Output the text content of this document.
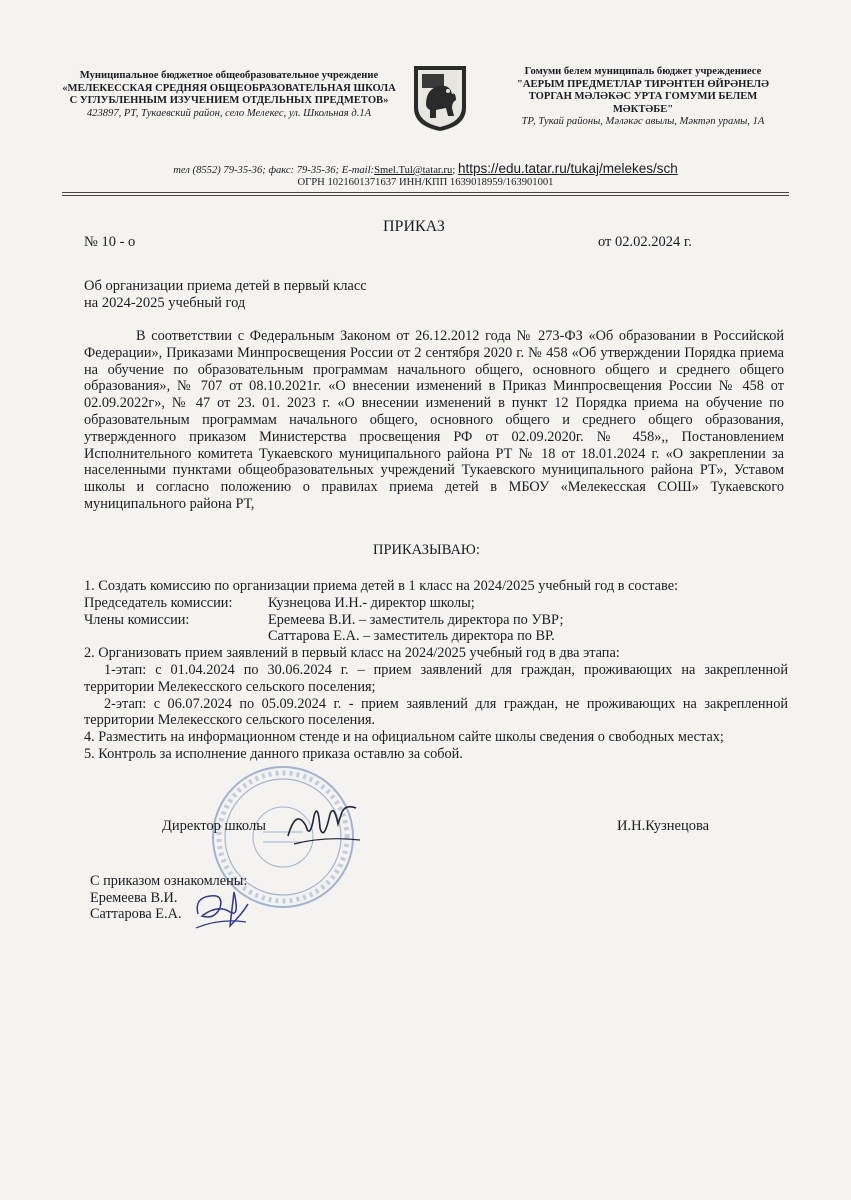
Муниципальное бюджетное общеобразовательное учреждение
«МЕЛЕКЕССКАЯ СРЕДНЯЯ ОБЩЕОБРАЗОВАТЕЛЬНАЯ ШКОЛА С УГЛУБЛЕННЫМ ИЗУЧЕНИЕМ ОТДЕЛЬНЫХ ПРЕДМЕТОВ»
423897, РТ, Тукаевский район, село Мелекес, ул. Школьная д.1А
Гомуми белем муниципаль бюджет учреждениесе
"АЕРЫМ ПРЕДМЕТЛАР ТИРӘНТЕН ӨЙРӘНЕЛӘ ТОРГАН МӘЛӘКӘС УРТА ГОМУМИ БЕЛЕМ МӘКТӘБЕ"
ТР, Тукай районы, Мәләкәс авылы, Мәктәп урамы, 1А
тел (8552) 79-35-36; факс: 79-35-36; E-mail:Smel.Tul@tatar.ru; https://edu.tatar.ru/tukaj/melekes/sch
ОГРН 1021601371637 ИНН/КПП 1639018959/163901001
ПРИКАЗ
№ 10 - о	от 02.02.2024 г.
Об организации приема детей в первый класс
на 2024-2025 учебный год
В соответствии с Федеральным Законом от 26.12.2012 года № 273-ФЗ «Об образовании в Российской Федерации», Приказами Минпросвещения России от 2 сентября 2020 г. № 458 «Об утверждении Порядка приема на обучение по образовательным программам начального общего, основного общего и среднего общего образования», № 707 от 08.10.2021г. «О внесении изменений в Приказ Минпросвещения России № 458 от 02.09.2022г», № 47 от 23. 01. 2023 г. «О внесении изменений в пункт 12 Порядка приема на обучение по образовательным программам начального общего, основного общего и среднего общего образования, утвержденного приказом Министерства просвещения РФ от 02.09.2020г. № 458»,, Постановлением Исполнительного комитета Тукаевского муниципального района РТ № 18 от 18.01.2024 г. «О закреплении за населенными пунктами общеобразовательных учреждений Тукаевского муниципального района РТ», Уставом школы и согласно положению о правилах приема детей в МБОУ «Мелекесская СОШ» Тукаевского муниципального района РТ,
ПРИКАЗЫВАЮ:
1. Создать комиссию по организации приема детей в 1 класс на 2024/2025 учебный год в составе:
Председатель комиссии: Кузнецова И.Н.- директор школы;
Члены комиссии:	Еремеева В.И. – заместитель директора по УВР;
Саттарова Е.А. – заместитель директора по ВР.
2. Организовать прием заявлений в первый класс на 2024/2025 учебный год в два этапа:
1-этап: с 01.04.2024 по 30.06.2024 г. – прием заявлений для граждан, проживающих на закрепленной территории Мелекесского сельского поселения;
2-этап: с 06.07.2024 по 05.09.2024 г. - прием заявлений для граждан, не проживающих на закрепленной территории Мелекесского сельского поселения.
4. Разместить на информационном стенде и на официальном сайте школы сведения о свободных местах;
5. Контроль за исполнение данного приказа оставлю за собой.
Директор школы	И.Н.Кузнецова
С приказом ознакомлены:
Еремеева В.И.
Саттарова Е.А.
